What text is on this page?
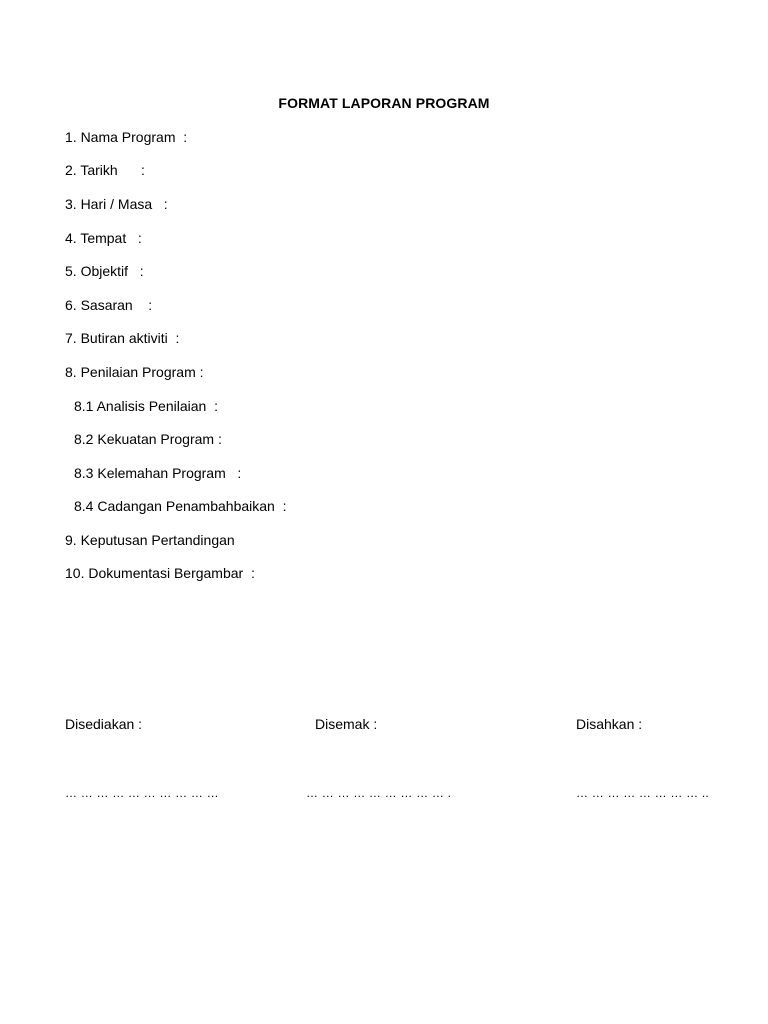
FORMAT LAPORAN PROGRAM
1. Nama Program  :
2. Tarikh      :
3. Hari / Masa   :
4. Tempat   :
5. Objektif   :
6. Sasaran    :
7. Butiran aktiviti  :
8. Penilaian Program :
8.1 Analisis Penilaian  :
8.2 Kekuatan Program :
8.3 Kelemahan Program   :
8.4 Cadangan Penambahbaikan  :
9. Keputusan Pertandingan
10. Dokumentasi Bergambar  :
Disediakan :	Disemak :	Disahkan :
… … … … … … … … … …	… … … … … … … … … .	… … … … … … … … ..
